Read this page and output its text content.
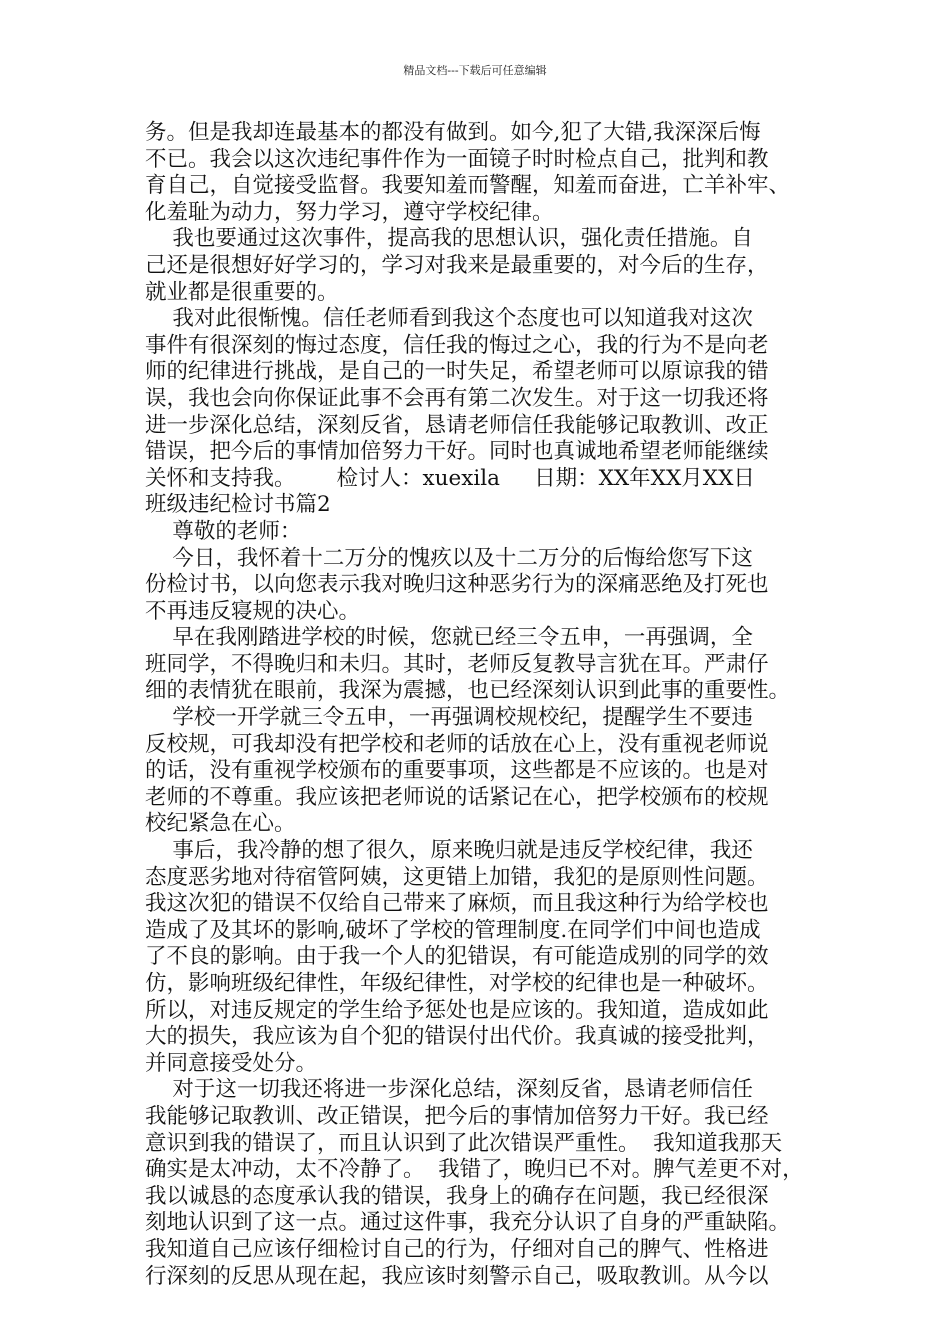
精品文档---下载后可任意编辑
务。但是我却连最基本的都没有做到。如今,犯了大错,我深深后悔
不已。我会以这次违纪事件作为一面镜子时时检点自己，批判和教
育自己，自觉接受监督。我要知羞而警醒，知羞而奋进，亡羊补牢、
化羞耻为动力，努力学习，遵守学校纪律。
我也要通过这次事件，提高我的思想认识，强化责任措施。自
己还是很想好好学习的，学习对我来是最重要的，对今后的生存，
就业都是很重要的。
我对此很惭愧。信任老师看到我这个态度也可以知道我对这次
事件有很深刻的悔过态度，信任我的悔过之心，我的行为不是向老
师的纪律进行挑战，是自己的一时失足，希望老师可以原谅我的错
误，我也会向你保证此事不会再有第二次发生。对于这一切我还将
进一步深化总结，深刻反省，恳请老师信任我能够记取教训、改正
错误，把今后的事情加倍努力干好。同时也真诚地希望老师能继续
关怀和支持我。      检讨人：xuexila     日期：XX年XX月XX日
班级违纪检讨书篇2
尊敬的老师：
今日，我怀着十二万分的愧疚以及十二万分的后悔给您写下这
份检讨书，以向您表示我对晚归这种恶劣行为的深痛恶绝及打死也
不再违反寝规的决心。
早在我刚踏进学校的时候，您就已经三令五申，一再强调，全
班同学，不得晚归和未归。其时，老师反复教导言犹在耳。严肃仔
细的表情犹在眼前，我深为震撼，也已经深刻认识到此事的重要性。
学校一开学就三令五申，一再强调校规校纪，提醒学生不要违
反校规，可我却没有把学校和老师的话放在心上，没有重视老师说
的话，没有重视学校颁布的重要事项，这些都是不应该的。也是对
老师的不尊重。我应该把老师说的话紧记在心，把学校颁布的校规
校纪紧急在心。
事后，我冷静的想了很久，原来晚归就是违反学校纪律，我还
态度恶劣地对待宿管阿姨，这更错上加错，我犯的是原则性问题。
我这次犯的错误不仅给自己带来了麻烦，而且我这种行为给学校也
造成了及其坏的影响,破坏了学校的管理制度.在同学们中间也造成
了不良的影响。由于我一个人的犯错误，有可能造成别的同学的效
仿，影响班级纪律性，年级纪律性，对学校的纪律也是一种破坏。
所以，对违反规定的学生给予惩处也是应该的。我知道，造成如此
大的损失，我应该为自个犯的错误付出代价。我真诚的接受批判，
并同意接受处分。
对于这一切我还将进一步深化总结，深刻反省，恳请老师信任
我能够记取教训、改正错误，把今后的事情加倍努力干好。我已经
意识到我的错误了，而且认识到了此次错误严重性。  我知道我那天
确实是太冲动，太不冷静了。  我错了，晚归已不对。脾气差更不对，
我以诚恳的态度承认我的错误，我身上的确存在问题，我已经很深
刻地认识到了这一点。通过这件事，我充分认识了自身的严重缺陷。
我知道自己应该仔细检讨自己的行为，仔细对自己的脾气、性格进
行深刻的反思从现在起，我应该时刻警示自己，吸取教训。从今以
